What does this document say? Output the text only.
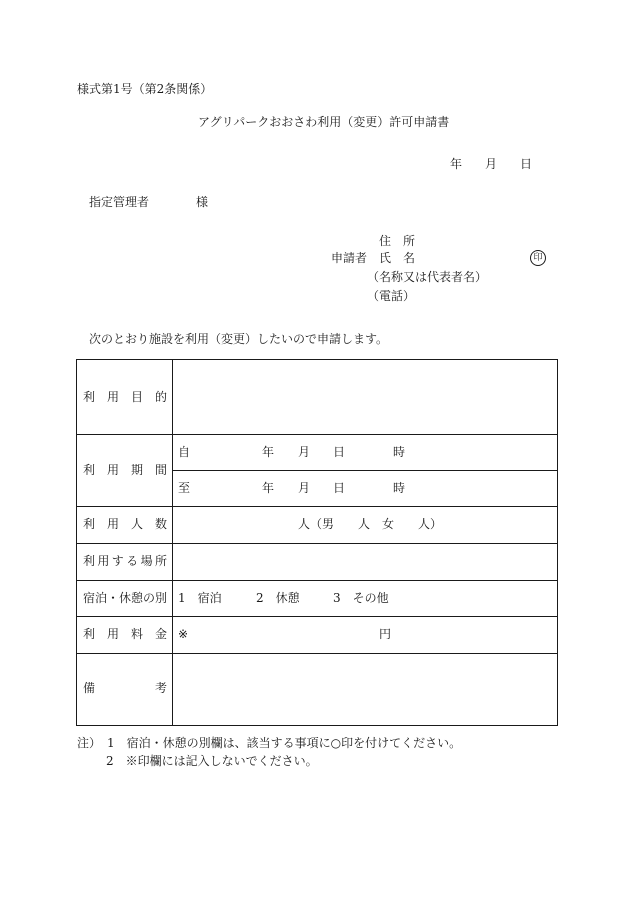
様式第1号（第2条関係）
アグリパークおおさわ利用（変更）許可申請書
年 月 日
指定管理者	様
住　所
申請者 氏　名	印
（名称又は代表者名）
（電話）
次のとおり施設を利用（変更）したいので申請します。
利 用 目 的
利 用 期 間
自	年 月 日	時
至	年 月 日	時
利 用 人 数	人（男　　人　女　　人）
利 用 す る 場 所
宿泊・休憩の別 1　宿泊	2　休憩	3　その他
利 用 料 金 ※	円
備	考
注）　1　宿泊・休憩の別欄は、該当する事項に○印を付けてください。
2　※印欄には記入しないでください。
